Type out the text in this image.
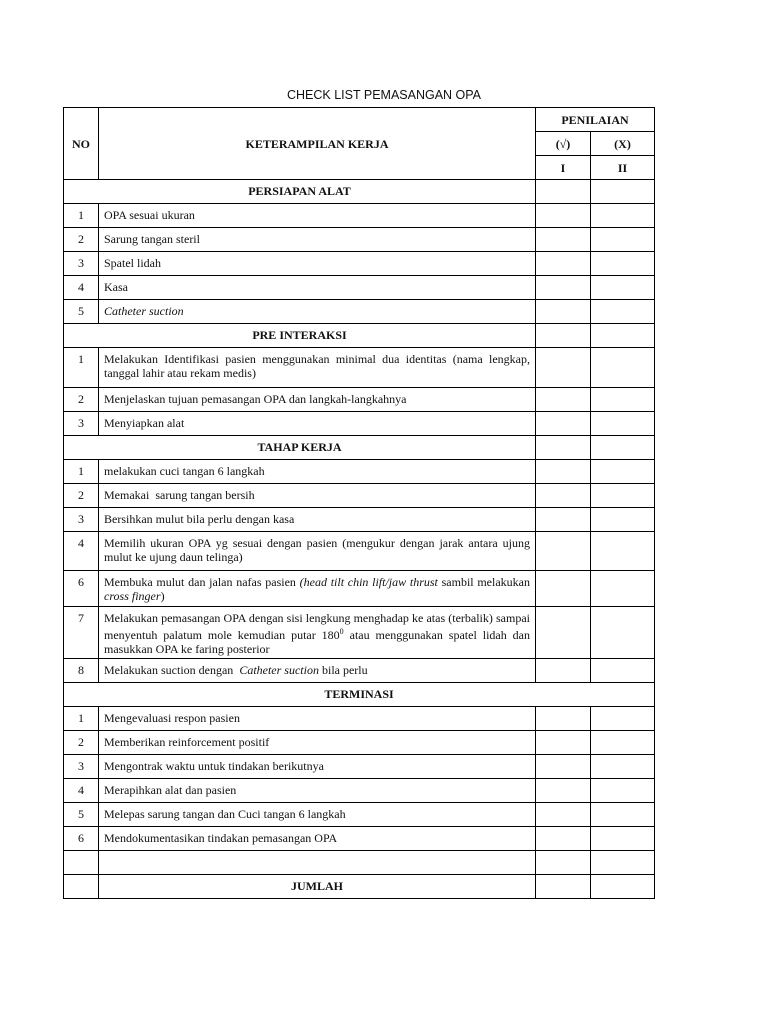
CHECK LIST PEMASANGAN OPA
NO	KETERAMPILAN KERJA	PENILAIAN	
		(√)	(X)
		I	II
PERSIAPAN ALAT			
1	OPA sesuai ukuran		
2	Sarung tangan steril		
3	Spatel lidah		
4	Kasa		
5	Catheter suction		
PRE INTERAKSI			
1	Melakukan Identifikasi pasien menggunakan minimal dua identitas (nama lengkap, tanggal lahir atau rekam medis)		
2	Menjelaskan tujuan pemasangan OPA dan langkah-langkahnya		
3	Menyiapkan alat		
TAHAP KERJA			
1	melakukan cuci tangan 6 langkah		
2	Memakai  sarung tangan bersih		
3	Bersihkan mulut bila perlu dengan kasa		
4	Memilih ukuran OPA yg sesuai dengan pasien (mengukur dengan jarak antara ujung mulut ke ujung daun telinga)		
6	Membuka mulut dan jalan nafas pasien (head tilt chin lift/jaw thrust sambil melakukan cross finger)		
7	Melakukan pemasangan OPA dengan sisi lengkung menghadap ke atas (terbalik) sampai menyentuh palatum mole kemudian putar $180^0$ atau menggunakan spatel lidah dan masukkan OPA ke faring posterior		
8	Melakukan suction dengan  Catheter suction bila perlu		
TERMINASI			
1	Mengevaluasi respon pasien		
2	Memberikan reinforcement positif		
3	Mengontrak waktu untuk tindakan berikutnya		
4	Merapihkan alat dan pasien		
5	Melepas sarung tangan dan Cuci tangan 6 langkah		
6	Mendokumentasikan tindakan pemasangan OPA		

	JUMLAH		
